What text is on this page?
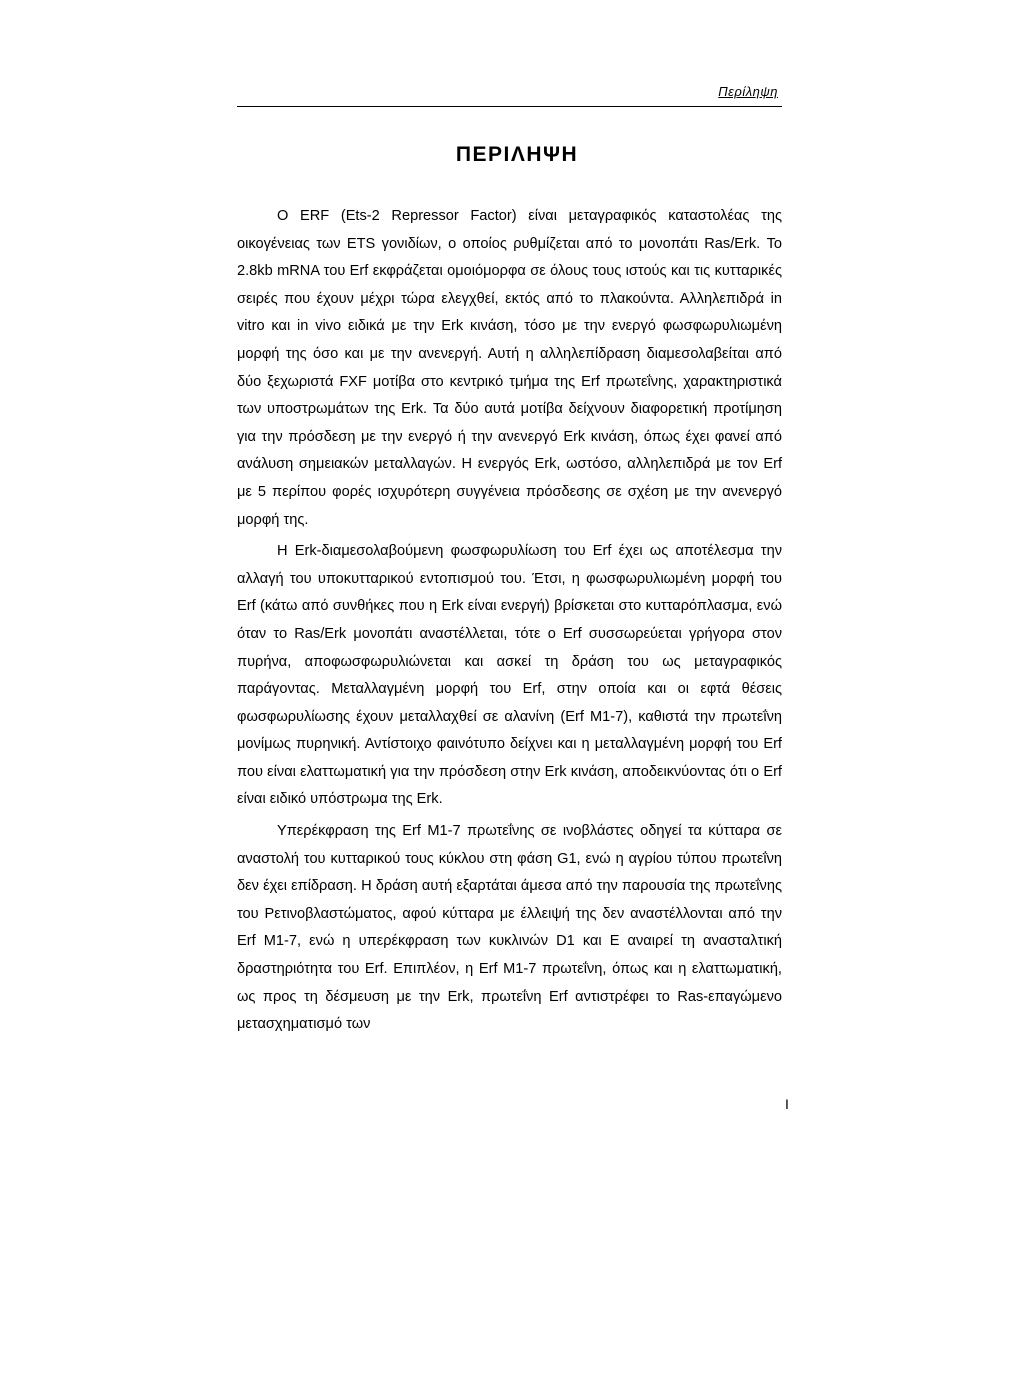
Περίληψη
ΠΕΡΙΛΗΨΗ

Ο ERF (Ets-2 Repressor Factor) είναι μεταγραφικός καταστολέας της οικογένειας των ETS γονιδίων, ο οποίος ρυθμίζεται από το μονοπάτι Ras/Erk. Το 2.8kb mRNA του Erf εκφράζεται ομοιόμορφα σε όλους τους ιστούς και τις κυτταρικές σειρές που έχουν μέχρι τώρα ελεγχθεί, εκτός από το πλακούντα. Αλληλεπιδρά in vitro και in vivo ειδικά με την Erk κινάση, τόσο με την ενεργό φωσφωρυλιωμένη μορφή της όσο και με την ανενεργή. Αυτή η αλληλεπίδραση διαμεσολαβείται από δύο ξεχωριστά FXF μοτίβα στο κεντρικό τμήμα της Erf πρωτεΐνης, χαρακτηριστικά των υποστρωμάτων της Erk. Τα δύο αυτά μοτίβα δείχνουν διαφορετική προτίμηση για την πρόσδεση με την ενεργό ή την ανενεργό Erk κινάση, όπως έχει φανεί από ανάλυση σημειακών μεταλλαγών. Η ενεργός Erk, ωστόσο, αλληλεπιδρά με τον Erf με 5 περίπου φορές ισχυρότερη συγγένεια πρόσδεσης σε σχέση με την ανενεργό μορφή της.

Η Erk-διαμεσολαβούμενη φωσφωρυλίωση του Erf έχει ως αποτέλεσμα την αλλαγή του υποκυτταρικού εντοπισμού του. Έτσι, η φωσφωρυλιωμένη μορφή του Erf (κάτω από συνθήκες που η Erk είναι ενεργή) βρίσκεται στο κυτταρόπλασμα, ενώ όταν το Ras/Erk μονοπάτι αναστέλλεται, τότε ο Erf συσσωρεύεται γρήγορα στον πυρήνα, αποφωσφωρυλιώνεται και ασκεί τη δράση του ως μεταγραφικός παράγοντας. Μεταλλαγμένη μορφή του Erf, στην οποία και οι εφτά θέσεις φωσφωρυλίωσης έχουν μεταλλαχθεί σε αλανίνη (Erf M1-7), καθιστά την πρωτεΐνη μονίμως πυρηνική. Αντίστοιχο φαινότυπο δείχνει και η μεταλλαγμένη μορφή του Erf που είναι ελαττωματική για την πρόσδεση στην Erk κινάση, αποδεικνύοντας ότι ο Erf είναι ειδικό υπόστρωμα της Erk.

Υπερέκφραση της Erf M1-7 πρωτεΐνης σε ινοβλάστες οδηγεί τα κύτταρα σε αναστολή του κυτταρικού τους κύκλου στη φάση G1, ενώ η αγρίου τύπου πρωτεΐνη δεν έχει επίδραση. Η δράση αυτή εξαρτάται άμεσα από την παρουσία της πρωτεΐνης του Ρετινοβλαστώματος, αφού κύτταρα με έλλειψή της δεν αναστέλλονται από την Erf M1-7, ενώ η υπερέκφραση των κυκλινών D1 και E αναιρεί τη ανασταλτική δραστηριότητα του Erf. Επιπλέον, η Erf M1-7 πρωτεΐνη, όπως και η ελαττωματική, ως προς τη δέσμευση με την Erk, πρωτεΐνη Erf αντιστρέφει το Ras-επαγώμενο μετασχηματισμό των

I
